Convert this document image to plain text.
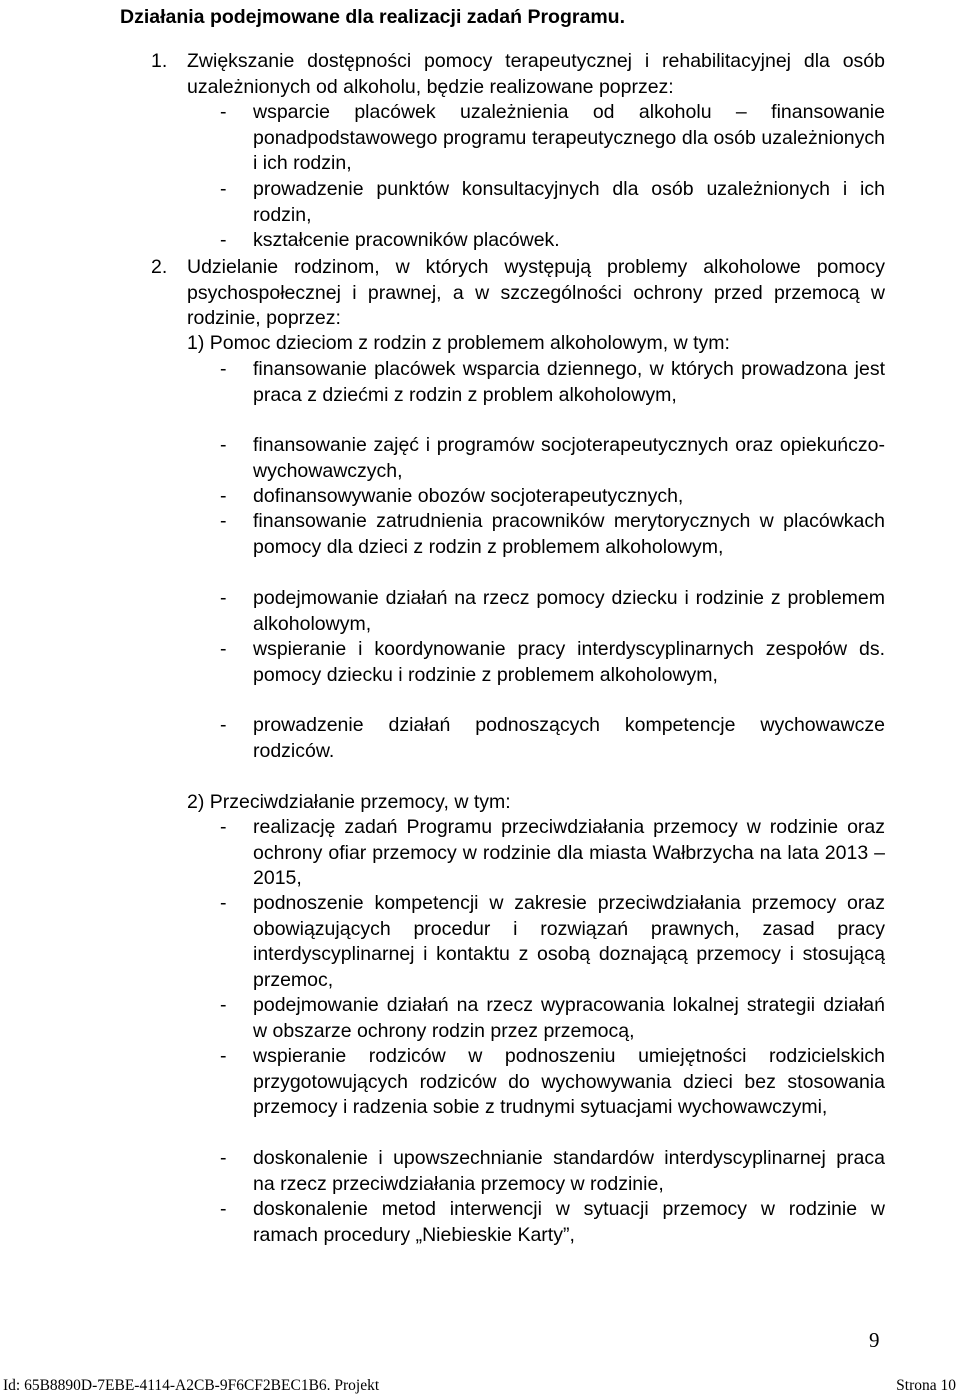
Działania podejmowane dla realizacji zadań Programu.
1. Zwiększanie dostępności pomocy terapeutycznej i rehabilitacyjnej dla osób uzależnionych od alkoholu, będzie realizowane poprzez:
- wsparcie placówek uzależnienia od alkoholu – finansowanie ponadpodstawowego programu terapeutycznego dla osób uzależnionych i ich rodzin,
- prowadzenie punktów konsultacyjnych dla osób uzależnionych i ich rodzin,
- kształcenie pracowników placówek.
2. Udzielanie rodzinom, w których występują problemy alkoholowe pomocy psychospołecznej i prawnej, a w szczególności ochrony przed przemocą w rodzinie, poprzez:
1) Pomoc dzieciom z rodzin z problemem alkoholowym, w tym:
- finansowanie placówek wsparcia dziennego, w których prowadzona jest praca z dziećmi z rodzin z problem alkoholowym,
- finansowanie zajęć i programów socjoterapeutycznych oraz opiekuńczo-wychowawczych,
- dofinansowywanie obozów socjoterapeutycznych,
- finansowanie zatrudnienia pracowników merytorycznych w placówkach pomocy dla dzieci z rodzin z problemem alkoholowym,
- podejmowanie działań na rzecz pomocy dziecku i rodzinie z problemem alkoholowym,
- wspieranie i koordynowanie pracy interdyscyplinarnych zespołów ds. pomocy dziecku i rodzinie z problemem alkoholowym,
- prowadzenie działań podnoszących kompetencje wychowawcze rodziców.
2) Przeciwdziałanie przemocy, w tym:
- realizację zadań Programu przeciwdziałania przemocy w rodzinie oraz ochrony ofiar przemocy w rodzinie dla miasta Wałbrzycha na lata 2013 – 2015,
- podnoszenie kompetencji w zakresie przeciwdziałania przemocy oraz obowiązujących procedur i rozwiązań prawnych, zasad pracy interdyscyplinarnej i kontaktu z osobą doznającą przemocy i stosującą przemoc,
- podejmowanie działań na rzecz wypracowania lokalnej strategii działań w obszarze ochrony rodzin przez przemocą,
- wspieranie rodziców w podnoszeniu umiejętności rodzicielskich przygotowujących rodziców do wychowywania dzieci bez stosowania przemocy i radzenia sobie z trudnymi sytuacjami wychowawczymi,
- doskonalenie i upowszechnianie standardów interdyscyplinarnej praca na rzecz przeciwdziałania przemocy w rodzinie,
- doskonalenie metod interwencji w sytuacji przemocy w rodzinie w ramach procedury „Niebieskie Karty”,
9
Id: 65B8890D-7EBE-4114-A2CB-9F6CF2BEC1B6. Projekt	Strona 10
